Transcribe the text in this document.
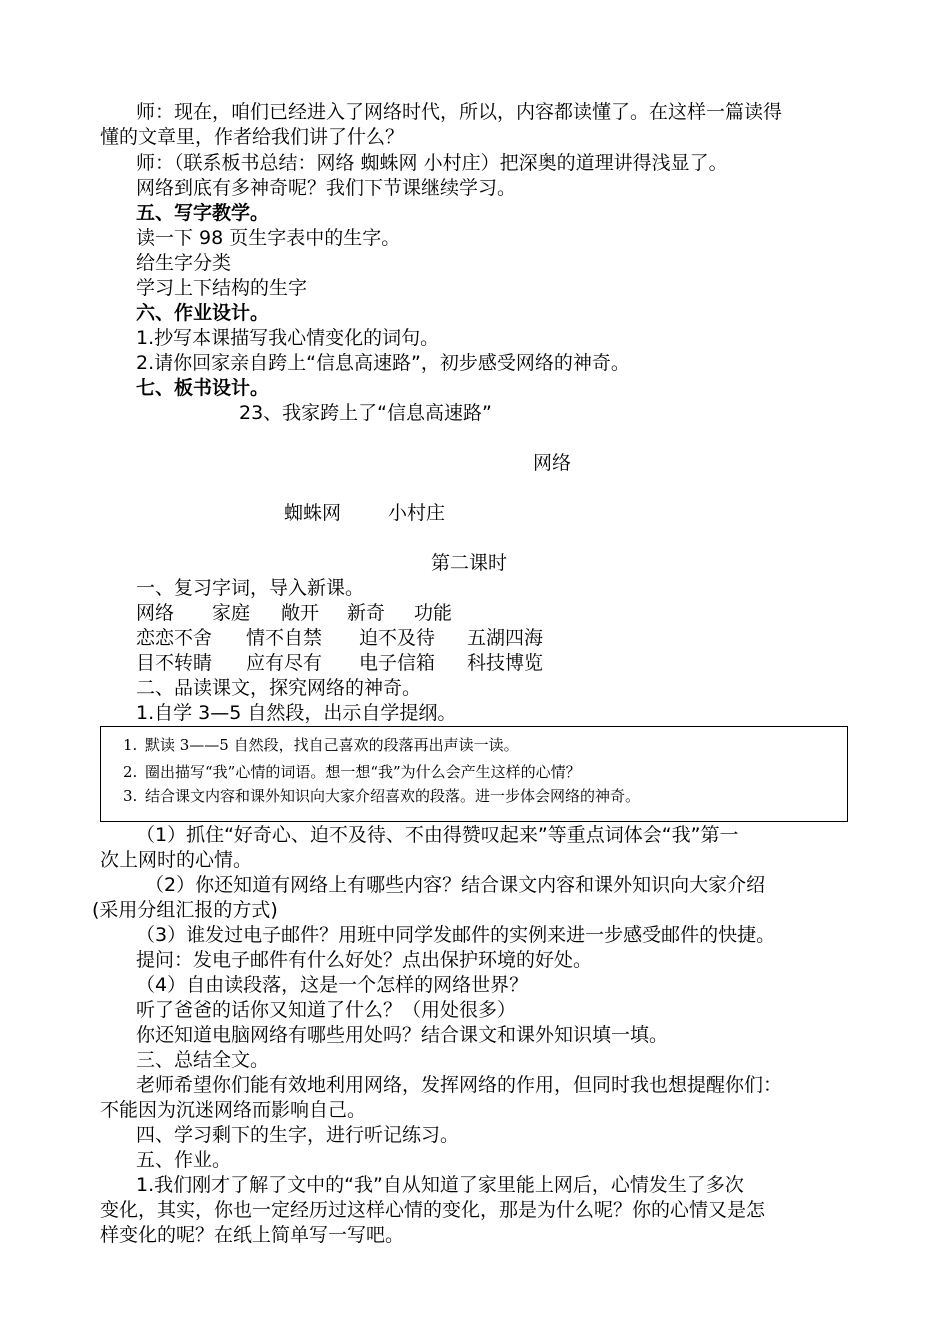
师：现在，咱们已经进入了网络时代，所以，内容都读懂了。在这样一篇读得
懂的文章里，作者给我们讲了什么？
师：（联系板书总结：网络 蜘蛛网 小村庄）把深奥的道理讲得浅显了。
网络到底有多神奇呢？我们下节课继续学习。
五、写字教学。
读一下 98 页生字表中的生字。
给生字分类
学习上下结构的生字
六、作业设计。
1.抄写本课描写我心情变化的词句。
2.请你回家亲自跨上“信息高速路”，初步感受网络的神奇。
七、板书设计。
23、我家跨上了“信息高速路”
网络
蜘蛛网 小村庄
第二课时
一、复习字词，导入新课。
网络 家庭 敞开 新奇 功能
恋恋不舍 情不自禁 迫不及待 五湖四海
目不转睛 应有尽有 电子信箱 科技博览
二、品读课文，探究网络的神奇。
1.自学 3—5 自然段，出示自学提纲。
（1）抓住“好奇心、迫不及待、不由得赞叹起来”等重点词体会“我”第一
1. 默读 3——5 自然段，找自己喜欢的段落再出声读一读。
2. 圈出描写“我”心情的词语。想一想“我”为什么会产生这样的心情？
3. 结合课文内容和课外知识向大家介绍喜欢的段落。进一步体会网络的神奇。
次上网时的心情。
（2）你还知道有网络上有哪些内容？结合课文内容和课外知识向大家介绍
(采用分组汇报的方式)
（3）谁发过电子邮件？用班中同学发邮件的实例来进一步感受邮件的快捷。
提问：发电子邮件有什么好处？点出保护环境的好处。
（4）自由读段落，这是一个怎样的网络世界？
听了爸爸的话你又知道了什么？（用处很多）
你还知道电脑网络有哪些用处吗？结合课文和课外知识填一填。
三、总结全文。
老师希望你们能有效地利用网络，发挥网络的作用，但同时我也想提醒你们：
不能因为沉迷网络而影响自己。
四、学习剩下的生字，进行听记练习。
五、作业。
1.我们刚才了解了文中的“我”自从知道了家里能上网后，心情发生了多次
变化，其实，你也一定经历过这样心情的变化，那是为什么呢？你的心情又是怎
样变化的呢？在纸上简单写一写吧。
